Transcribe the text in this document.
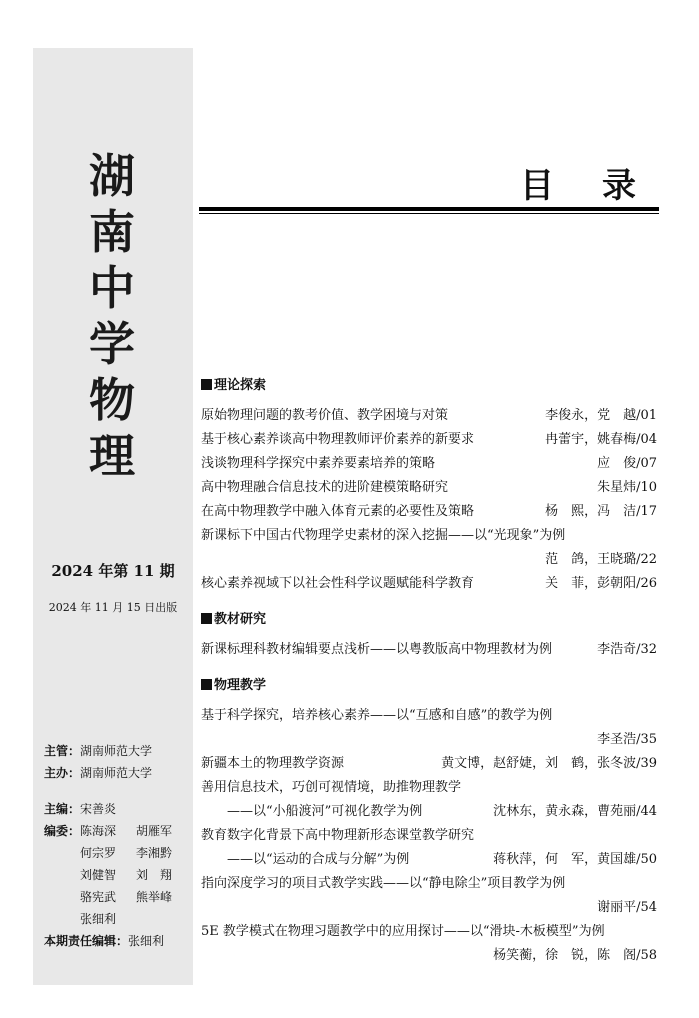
湖
南
中
学
物
理
2024 年第 11 期
2024 年 11 月 15 日出版
主管：湖南师范大学
主办：湖南师范大学
主编：宋善炎
编委： 陈海深 胡雁军
何宗罗 李湘黔
刘健智 刘　翔
骆宪武 熊举峰
张细利
本期责任编辑：张细利
目录
理论探索
原始物理问题的教考价值、教学困境与对策	李俊永，党　越/01
基于核心素养谈高中物理教师评价素养的新要求	冉蕾宇，姚春梅/04
浅谈物理科学探究中素养要素培养的策略	应　俊/07
高中物理融合信息技术的进阶建模策略研究	朱星炜/10
在高中物理教学中融入体育元素的必要性及策略	杨　熙，冯　洁/17
新课标下中国古代物理学史素材的深入挖掘——以“光现象”为例
范　鸽，王晓璐/22
核心素养视域下以社会性科学议题赋能科学教育	关　菲，彭朝阳/26
教材研究
新课标理科教材编辑要点浅析——以粤教版高中物理教材为例	李浩奇/32
物理教学
基于科学探究，培养核心素养——以“互感和自感”的教学为例
李圣浩/35
新疆本土的物理教学资源	黄文博，赵舒婕，刘　鹤，张冬波/39
善用信息技术，巧创可视情境，助推物理教学
——以“小船渡河”可视化教学为例	沈林东，黄永森，曹苑丽/44
教育数字化背景下高中物理新形态课堂教学研究
——以“运动的合成与分解”为例	蒋秋萍，何　军，黄国雄/50
指向深度学习的项目式教学实践——以“静电除尘”项目教学为例
谢丽平/54
5E 教学模式在物理习题教学中的应用探讨——以“滑块-木板模型”为例
杨笑蘅，徐　锐，陈　阁/58
